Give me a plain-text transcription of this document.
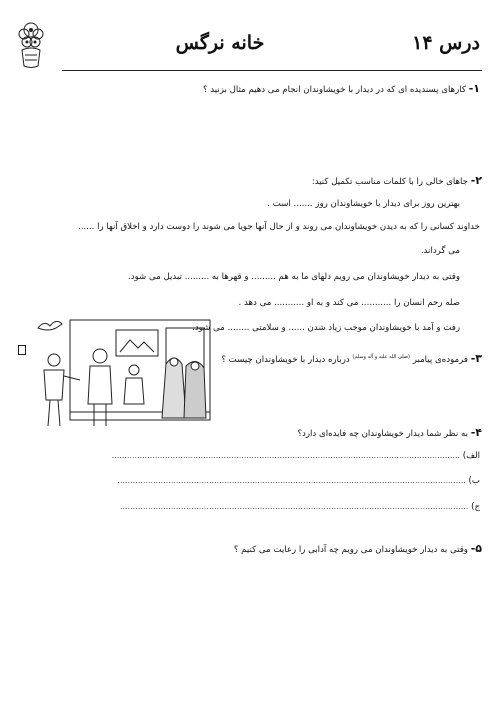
درس ۱۴
خانه نرگس
۱- کارهای پسندیده ای که در دیدار با خویشاوندان انجام می دهیم مثال بزنید ؟
۲- جاهای خالی را با کلمات مناسب تکمیل کنید:
بهترین روز برای دیدار با خویشاوندان روز ....... است .
خداوند کسانی را که به دیدن خویشاوندان می روند و از حال آنها جویا می شوند را دوست دارد و اخلاق آنها را ......
می گرداند.
وقتی به دیدار خویشاوندان می رویم دلهای ما به هم ......... و قهرها به ......... تبدیل می شود.
صله رحم انسان را ........... می کند و به او ........... می دهد .
رفت و آمد با خویشاوندان موجب زیاد شدن ...... و سلامتی ........ می شود.
۳- فرموده‌ی پیامبر $^{(صلی الله علیه و آله وسلم)}$ درباره دیدار با خویشاوندان چیست ؟
۴- به نظر شما دیدار خویشاوندان چه فایده‌ای دارد؟
الف) .........................................................................................................................................
ب) .........................................................................................................................................
ج) .........................................................................................................................................
۵- وقتی به دیدار خویشاوندان می رویم چه آدابی را رعایت می کنیم ؟
